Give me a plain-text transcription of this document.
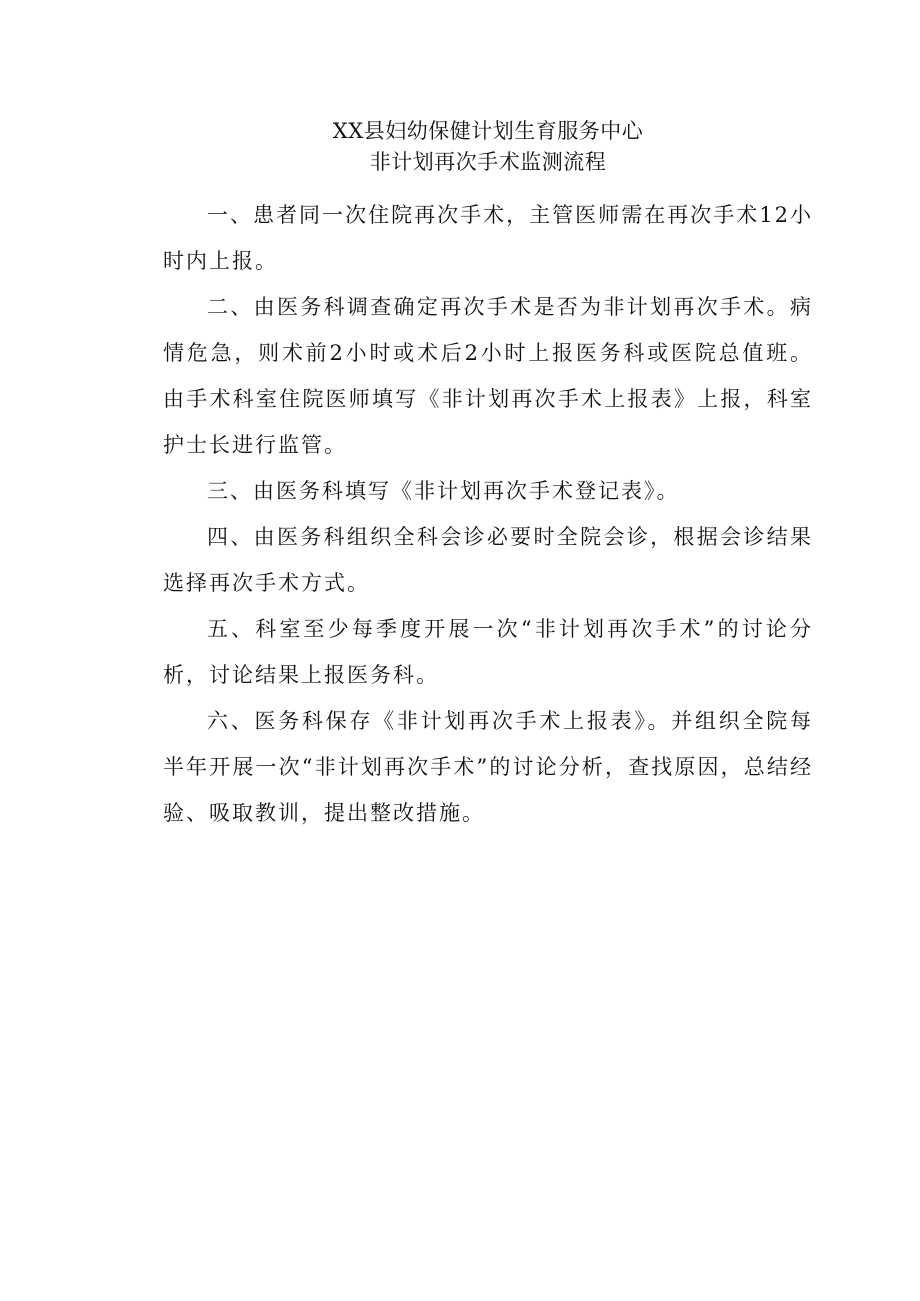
XX县妇幼保健计划生育服务中心
非计划再次手术监测流程

一、患者同一次住院再次手术，主管医师需在再次手术12小时内上报。

二、由医务科调查确定再次手术是否为非计划再次手术。病情危急，则术前2小时或术后2小时上报医务科或医院总值班。由手术科室住院医师填写《非计划再次手术上报表》上报，科室护士长进行监管。

三、由医务科填写《非计划再次手术登记表》。

四、由医务科组织全科会诊必要时全院会诊，根据会诊结果选择再次手术方式。

五、科室至少每季度开展一次“非计划再次手术”的讨论分析，讨论结果上报医务科。

六、医务科保存《非计划再次手术上报表》。并组织全院每半年开展一次“非计划再次手术”的讨论分析，查找原因，总结经验、吸取教训，提出整改措施。
